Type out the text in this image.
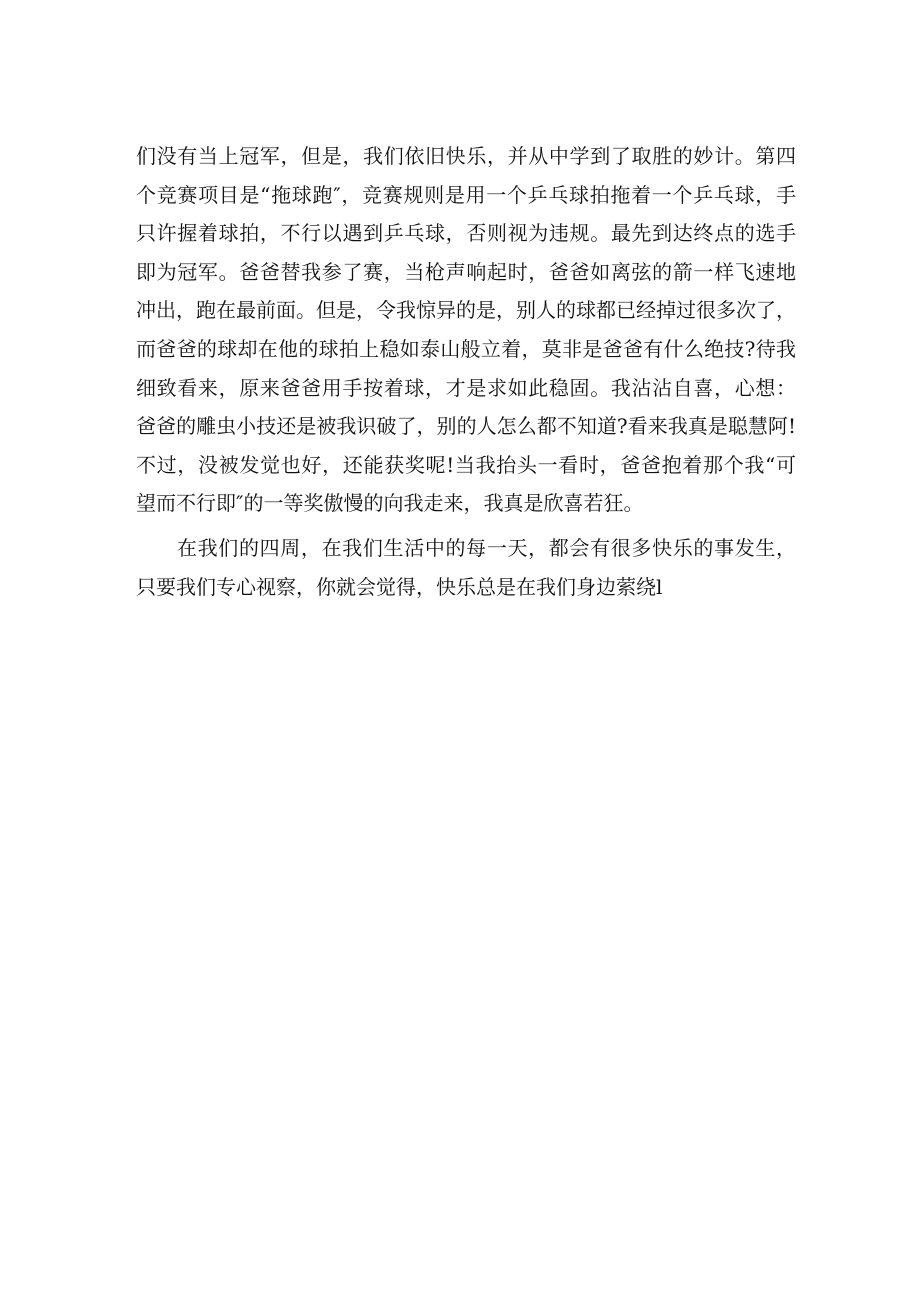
们没有当上冠军，但是，我们依旧快乐，并从中学到了取胜的妙计。第四
个竞赛项目是“拖球跑″，竞赛规则是用一个乒乓球拍拖着一个乒乓球，手
只许握着球拍，不行以遇到乒乓球，否则视为违规。最先到达终点的选手
即为冠军。爸爸替我参了赛，当枪声响起时，爸爸如离弦的箭一样飞速地
冲出，跑在最前面。但是，令我惊异的是，别人的球都已经掉过很多次了，
而爸爸的球却在他的球拍上稳如泰山般立着，莫非是爸爸有什么绝技?待我
细致看来，原来爸爸用手按着球，才是求如此稳固。我沾沾自喜，心想：
爸爸的雕虫小技还是被我识破了，别的人怎么都不知道?看来我真是聪慧阿!
不过，没被发觉也好，还能获奖呢!当我抬头一看时，爸爸抱着那个我“可
望而不行即″的一等奖傲慢的向我走来，我真是欣喜若狂。
在我们的四周，在我们生活中的每一天，都会有很多快乐的事发生，
只要我们专心视察，你就会觉得，快乐总是在我们身边萦绕l
